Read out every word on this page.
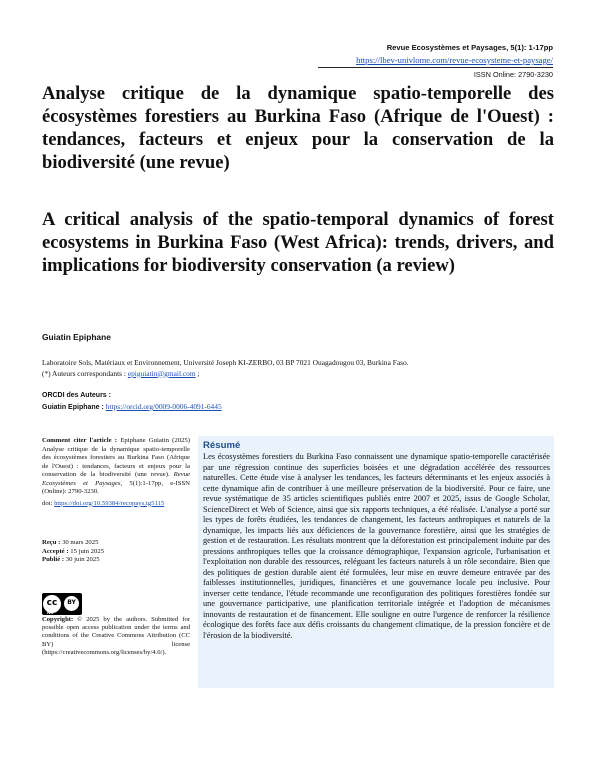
Revue Ecosystèmes et Paysages, 5(1): 1-17pp
https://lbev-univlome.com/revue-ecosysteme-et-paysage/
ISSN Online: 2790-3230
Analyse critique de la dynamique spatio-temporelle des écosystèmes forestiers au Burkina Faso (Afrique de l'Ouest) : tendances, facteurs et enjeux pour la conservation de la biodiversité (une revue)
A critical analysis of the spatio-temporal dynamics of forest ecosystems in Burkina Faso (West Africa): trends, drivers, and implications for biodiversity conservation (a review)
Guiatin Epiphane
Laboratoire Sols, Matériaux et Environnement, Université Joseph KI-ZERBO, 03 BP 7021 Ouagadougou 03, Burkina Faso.
(*) Auteurs correspondants : epiguiatin@gmail.com ;
ORCDI des Auteurs :
Guiatin Epiphane : https://orcid.org/0009-0006-4091-6445
Comment citer l'article : Epiphane Guiatin (2025) Analyse critique de la dynamique spatio-temporelle des écosystèmes forestiers au Burkina Faso (Afrique de l'Ouest) : tendances, facteurs et enjeux pour la conservation de la biodiversité (une revue). Revue Ecosystèmes et Paysages, 5(1):1-17pp, e-ISSN (Online): 2790-3230.
doi: https://doi.org/10.59384/recopays.tg5115
Reçu : 30 mars 2025
Accepté : 15 juin 2025
Publié : 30 juin 2025
cc	BY
NC
Copyright: © 2025 by the authors. Submitted for possible open access publication under the terms and conditions of the Creative Commons Attribution (CC BY) license (https://creativecommons.org/licenses/by/4.0/).
Résumé
Les écosystèmes forestiers du Burkina Faso connaissent une dynamique spatio-temporelle caractérisée par une régression continue des superficies boisées et une dégradation accélérée des ressources naturelles. Cette étude vise à analyser les tendances, les facteurs déterminants et les enjeux associés à cette dynamique afin de contribuer à une meilleure préservation de la biodiversité. Pour ce faire, une revue systématique de 35 articles scientifiques publiés entre 2007 et 2025, issus de Google Scholar, ScienceDirect et Web of Science, ainsi que six rapports techniques, a été réalisée. L'analyse a porté sur les types de forêts étudiées, les tendances de changement, les facteurs anthropiques et naturels de la dynamique, les impacts liés aux déficiences de la gouvernance forestière, ainsi que les stratégies de gestion et de restauration. Les résultats montrent que la déforestation est principalement induite par des pressions anthropiques telles que la croissance démographique, l'expansion agricole, l'urbanisation et l'exploitation non durable des ressources, reléguant les facteurs naturels à un rôle secondaire. Bien que des politiques de gestion durable aient été formulées, leur mise en œuvre demeure entravée par des faiblesses institutionnelles, juridiques, financières et une gouvernance locale peu inclusive. Pour inverser cette tendance, l'étude recommande une reconfiguration des politiques forestières fondée sur une gouvernance participative, une planification territoriale intégrée et l'adoption de mécanismes innovants de restauration et de financement. Elle souligne en outre l'urgence de renforcer la résilience écologique des forêts face aux défis croissants du changement climatique, de la pression foncière et de l'érosion de la biodiversité.
